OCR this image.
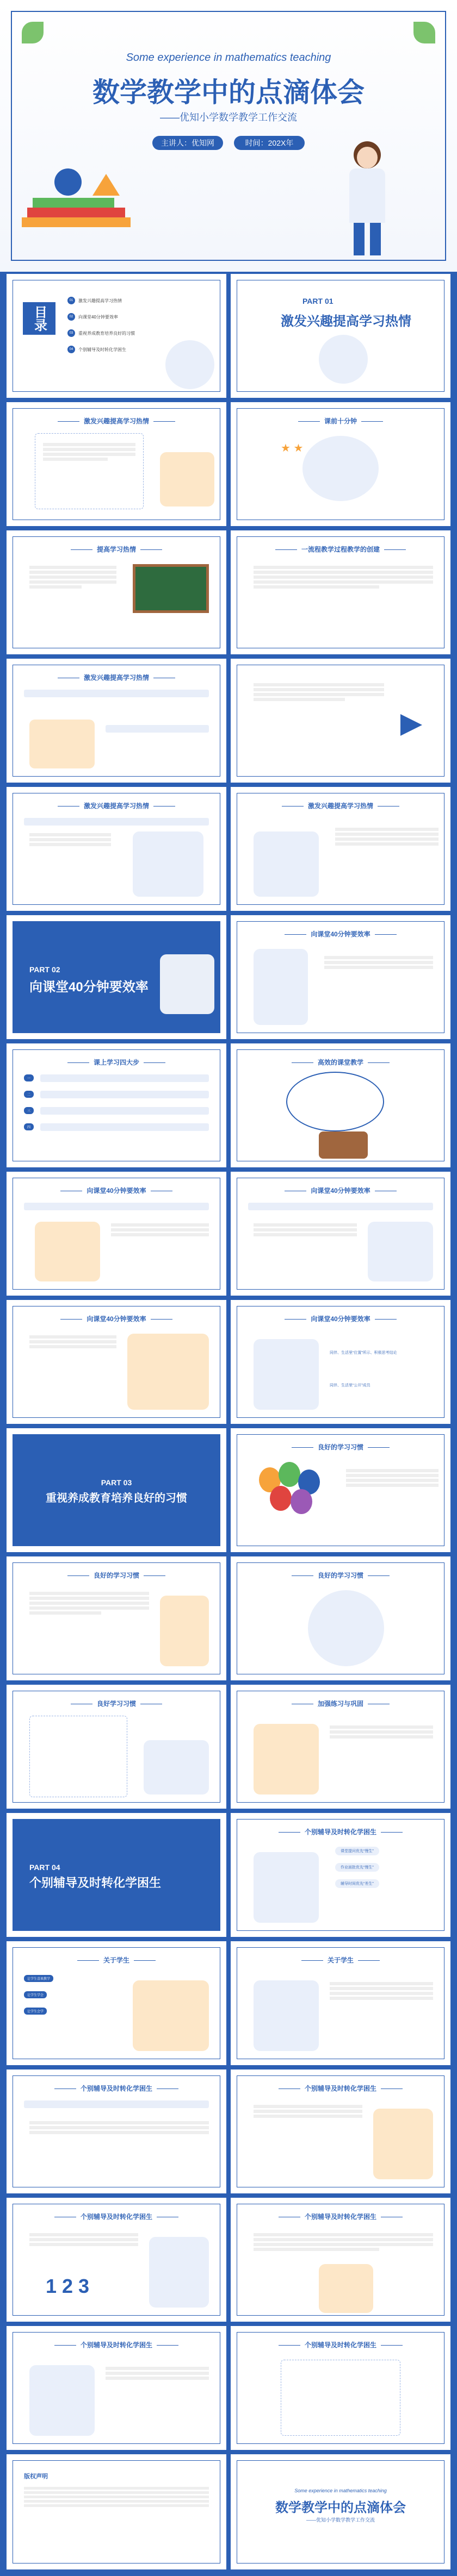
Some experience in mathematics teaching
数学教学中的点滴体会
——优知小学数学教学工作交流
主讲人：优知网	时间：202X年
目录
01	激发兴趣提高学习热情
02	向课堂40分钟要效率
03	重视养成教育培养良好的习惯
04	个别辅导及时转化学困生
PART 01
激发兴趣提高学习热情
激发兴趣提高学习热情	课前十分钟
★ ★
提高学习热情	一流程教学过程教学的创建
激发兴趣提高学习热情
激发兴趣提高学习热情	激发兴趣提高学习热情
PART 02
向课堂40分钟要效率
向课堂40分钟要效率
课上学习四大步
一
二
三
四
高效的课堂教学
向课堂40分钟要效率	向课堂40分钟要效率
向课堂40分钟要效率	向课堂40分钟要效率
同伴、生活里“位置”所示、积极思考结论
同伴、生活里“公开”成员
PART 03
重视养成教育培养良好的习惯
良好的学习习惯
良好的学习习惯	良好的学习习惯
良好学习习惯	加强练习与巩固
PART 04
个别辅导及时转化学困生
个别辅导及时转化学困生
课堂提问优先“慢生”
作业面批优先“慢生”
辅导时间优先“差生”
关于学生
让学生喜欢教学
让学生学会
让学生会学
关于学生
个别辅导及时转化学困生	个别辅导及时转化学困生
个别辅导及时转化学困生
1 2 3
个别辅导及时转化学困生
个别辅导及时转化学困生	个别辅导及时转化学困生
版权声明
Some experience in mathematics teaching
数学教学中的点滴体会
——优知小学数学教学工作交流
